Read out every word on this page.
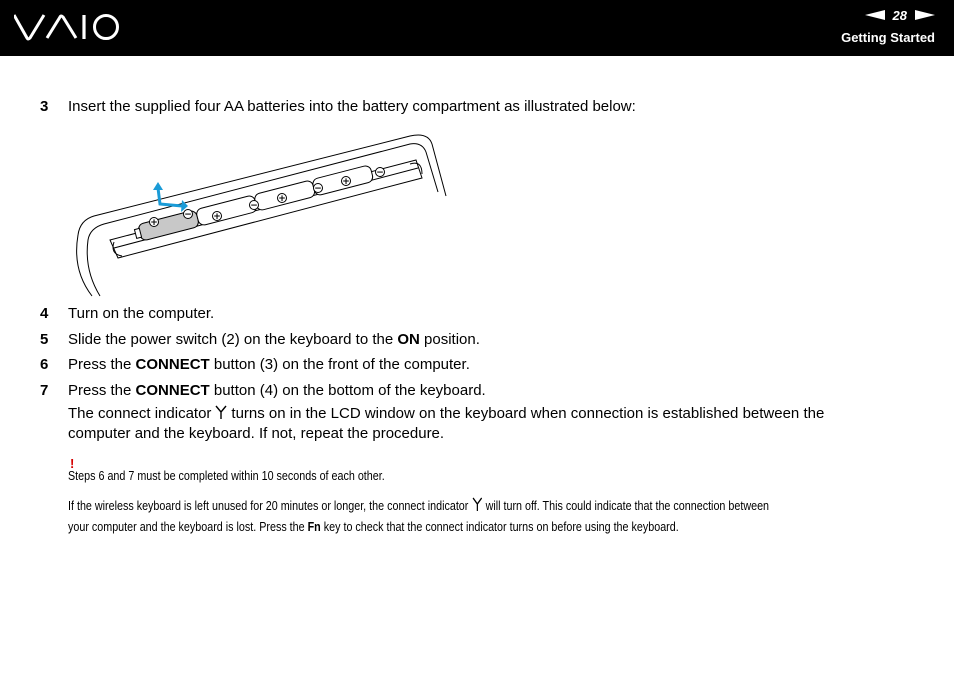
28
Getting Started
3 Insert the supplied four AA batteries into the battery compartment as illustrated below:
+
− +
−
+
−
+
−
4 Turn on the computer.
5 Slide the power switch (2) on the keyboard to the ON position.
6 Press the CONNECT button (3) on the front of the computer.
7 Press the CONNECT button (4) on the bottom of the keyboard.
The connect indicator turns on in the LCD window on the keyboard when connection is established between the
computer and the keyboard. If not, repeat the procedure.
!
Steps 6 and 7 must be completed within 10 seconds of each other.
If the wireless keyboard is left unused for 20 minutes or longer, the connect indicator will turn off. This could indicate that the connection between
your computer and the keyboard is lost. Press the Fn key to check that the connect indicator turns on before using the keyboard.
